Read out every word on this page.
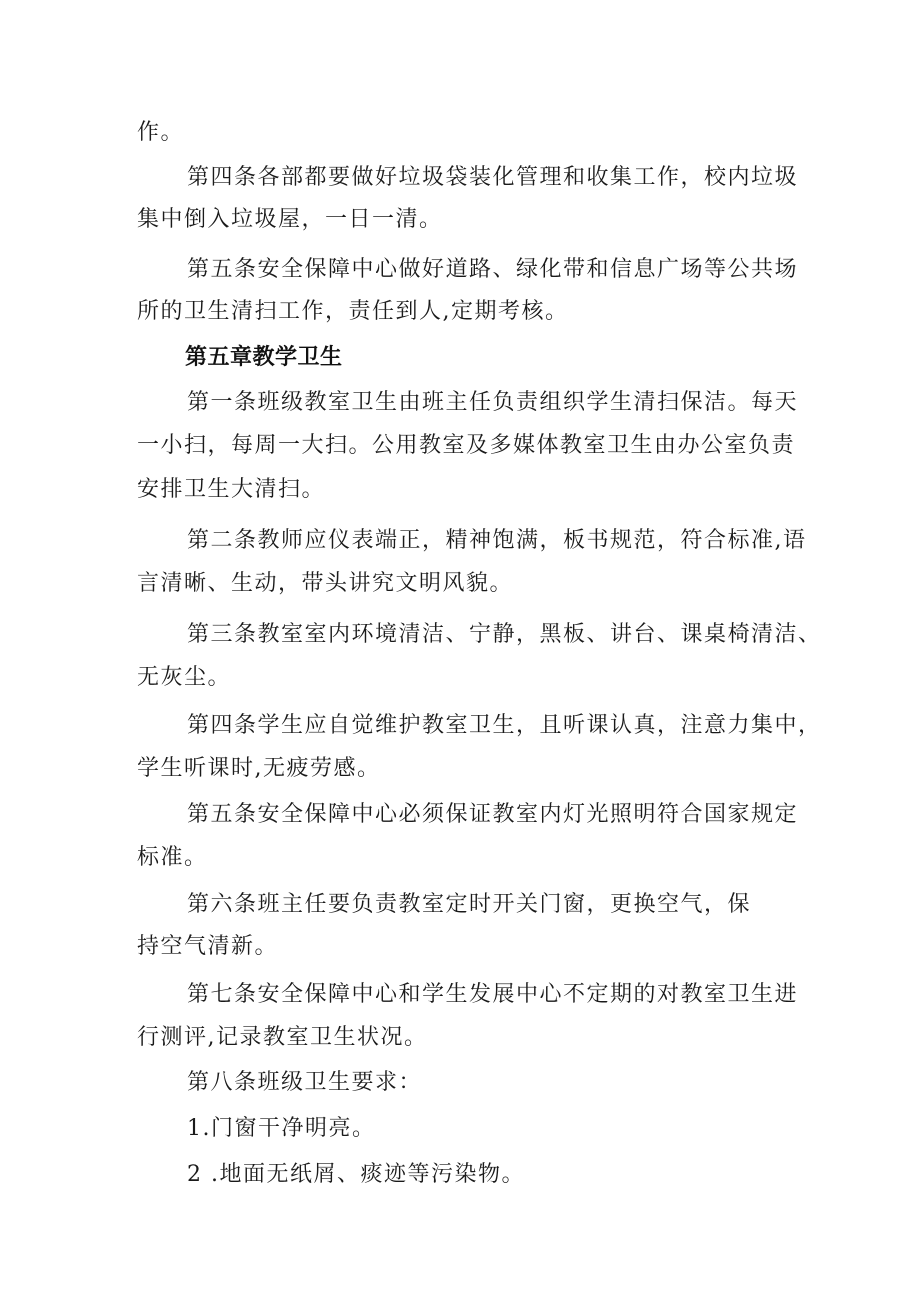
作。
第四条各部都要做好垃圾袋装化管理和收集工作，校内垃圾
集中倒入垃圾屋，一日一清。
第五条安全保障中心做好道路、绿化带和信息广场等公共场
所的卫生清扫工作，责任到人,定期考核。
第五章教学卫生
第一条班级教室卫生由班主任负责组织学生清扫保洁。每天
一小扫，每周一大扫。公用教室及多媒体教室卫生由办公室负责
安排卫生大清扫。
第二条教师应仪表端正，精神饱满，板书规范，符合标准,语
言清晰、生动，带头讲究文明风貌。
第三条教室室内环境清洁、宁静，黑板、讲台、课桌椅清洁、
无灰尘。
第四条学生应自觉维护教室卫生，且听课认真，注意力集中，
学生听课时,无疲劳感。
第五条安全保障中心必须保证教室内灯光照明符合国家规定
标准。
第六条班主任要负责教室定时开关门窗，更换空气，保
持空气清新。
第七条安全保障中心和学生发展中心不定期的对教室卫生进
行测评,记录教室卫生状况。
第八条班级卫生要求：
1.门窗干净明亮。
2 .地面无纸屑、痰迹等污染物。
